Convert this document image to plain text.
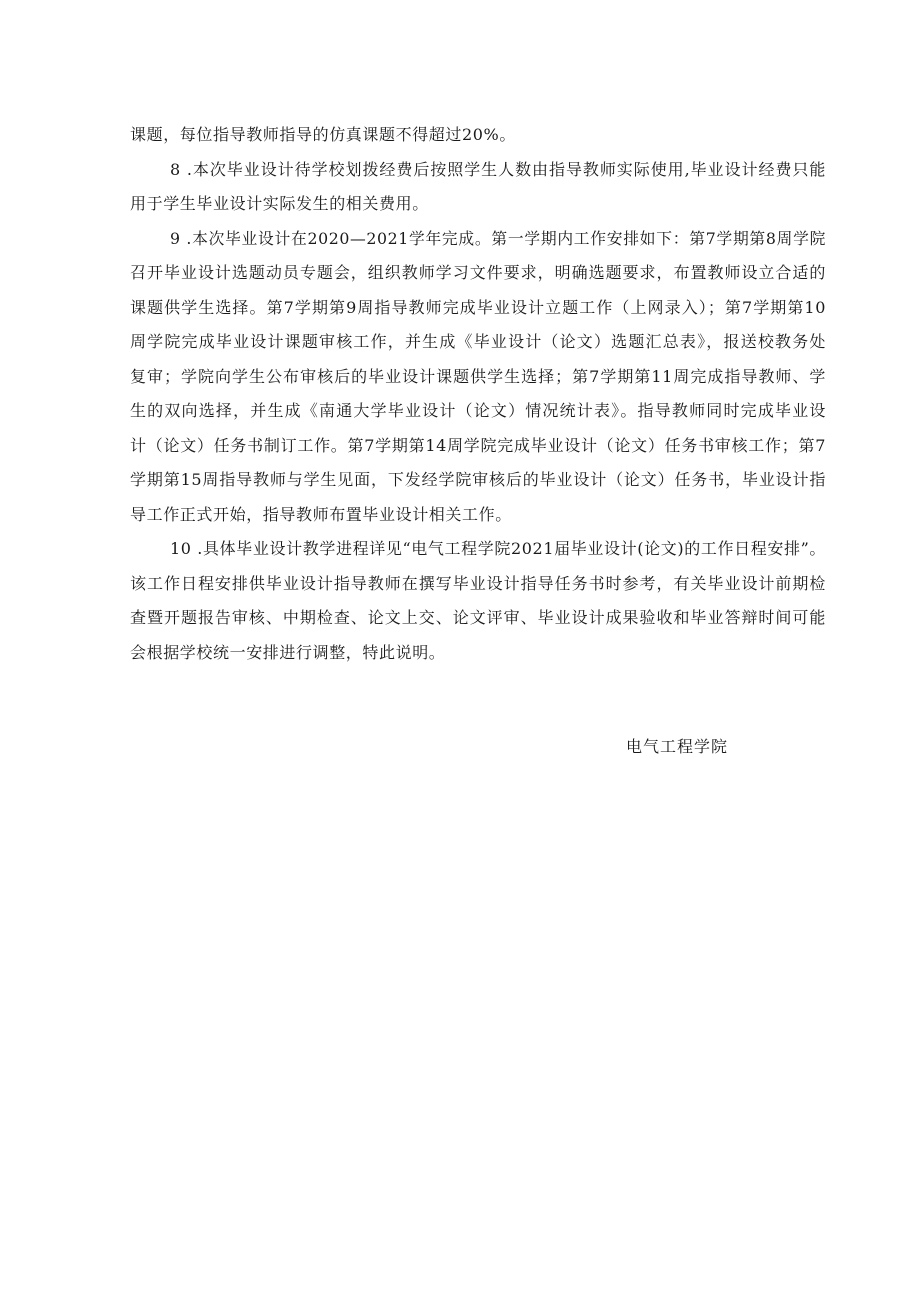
课题，每位指导教师指导的仿真课题不得超过20%。
8 .本次毕业设计待学校划拨经费后按照学生人数由指导教师实际使用,毕业设计经费只能
用于学生毕业设计实际发生的相关费用。
9 .本次毕业设计在2020—2021学年完成。第一学期内工作安排如下：第7学期第8周学院
召开毕业设计选题动员专题会，组织教师学习文件要求，明确选题要求，布置教师设立合适的
课题供学生选择。第7学期第9周指导教师完成毕业设计立题工作（上网录入）；第7学期第10
周学院完成毕业设计课题审核工作，并生成《毕业设计（论文）选题汇总表》，报送校教务处
复审；学院向学生公布审核后的毕业设计课题供学生选择；第7学期第11周完成指导教师、学
生的双向选择，并生成《南通大学毕业设计（论文）情况统计表》。指导教师同时完成毕业设
计（论文）任务书制订工作。第7学期第14周学院完成毕业设计（论文）任务书审核工作；第7
学期第15周指导教师与学生见面，下发经学院审核后的毕业设计（论文）任务书，毕业设计指
导工作正式开始，指导教师布置毕业设计相关工作。
10 .具体毕业设计教学进程详见“电气工程学院2021届毕业设计(论文)的工作日程安排”。
该工作日程安排供毕业设计指导教师在撰写毕业设计指导任务书时参考，有关毕业设计前期检
查暨开题报告审核、中期检查、论文上交、论文评审、毕业设计成果验收和毕业答辩时间可能
会根据学校统一安排进行调整，特此说明。
电气工程学院
